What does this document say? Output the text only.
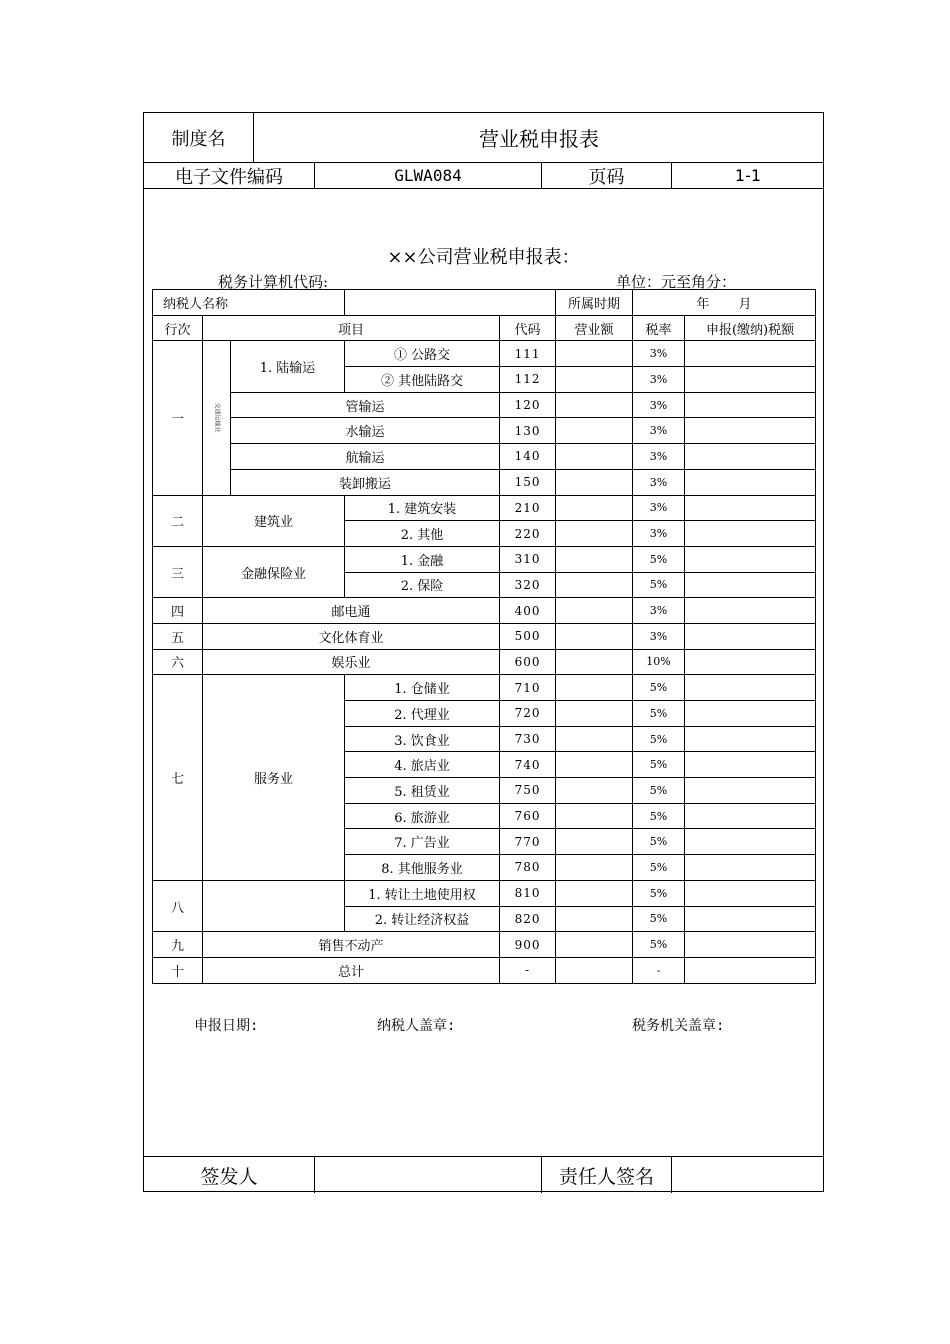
制度名	营业税申报表
电子文件编码	GLWA084	页码	1-1
××公司营业税申报表：
税务计算机代码:	单位：元至角分：
纳税人名称					所属时期	年 月	
行次	项目			代码	营业额	税率	申报(缴纳)税额
一	交通运输业	1. 陆输运	① 公路交	111		3%	
			② 其他陆路交	112		3%	
		管输运		120		3%	
		水输运		130		3%	
		航输运		140		3%	
		装卸搬运		150		3%	
二	建筑业		1. 建筑安装	210		3%	
			2. 其他	220		3%	
三	金融保险业		1. 金融	310		5%	
			2. 保险	320		5%	
四	邮电通			400		3%	
五	文化体育业			500		3%	
六	娱乐业			600		10%	
七	服务业		1. 仓储业	710		5%	
			2. 代理业	720		5%	
			3. 饮食业	730		5%	
			4. 旅店业	740		5%	
			5. 租赁业	750		5%	
			6. 旅游业	760		5%	
			7. 广告业	770		5%	
			8. 其他服务业	780		5%	
八			1. 转让土地使用权	810		5%	
			2. 转让经济权益	820		5%	
九	销售不动产			900		5%	
十	总计			-		-	
申报日期:	纳税人盖章:	税务机关盖章:
签发人	责任人签名
